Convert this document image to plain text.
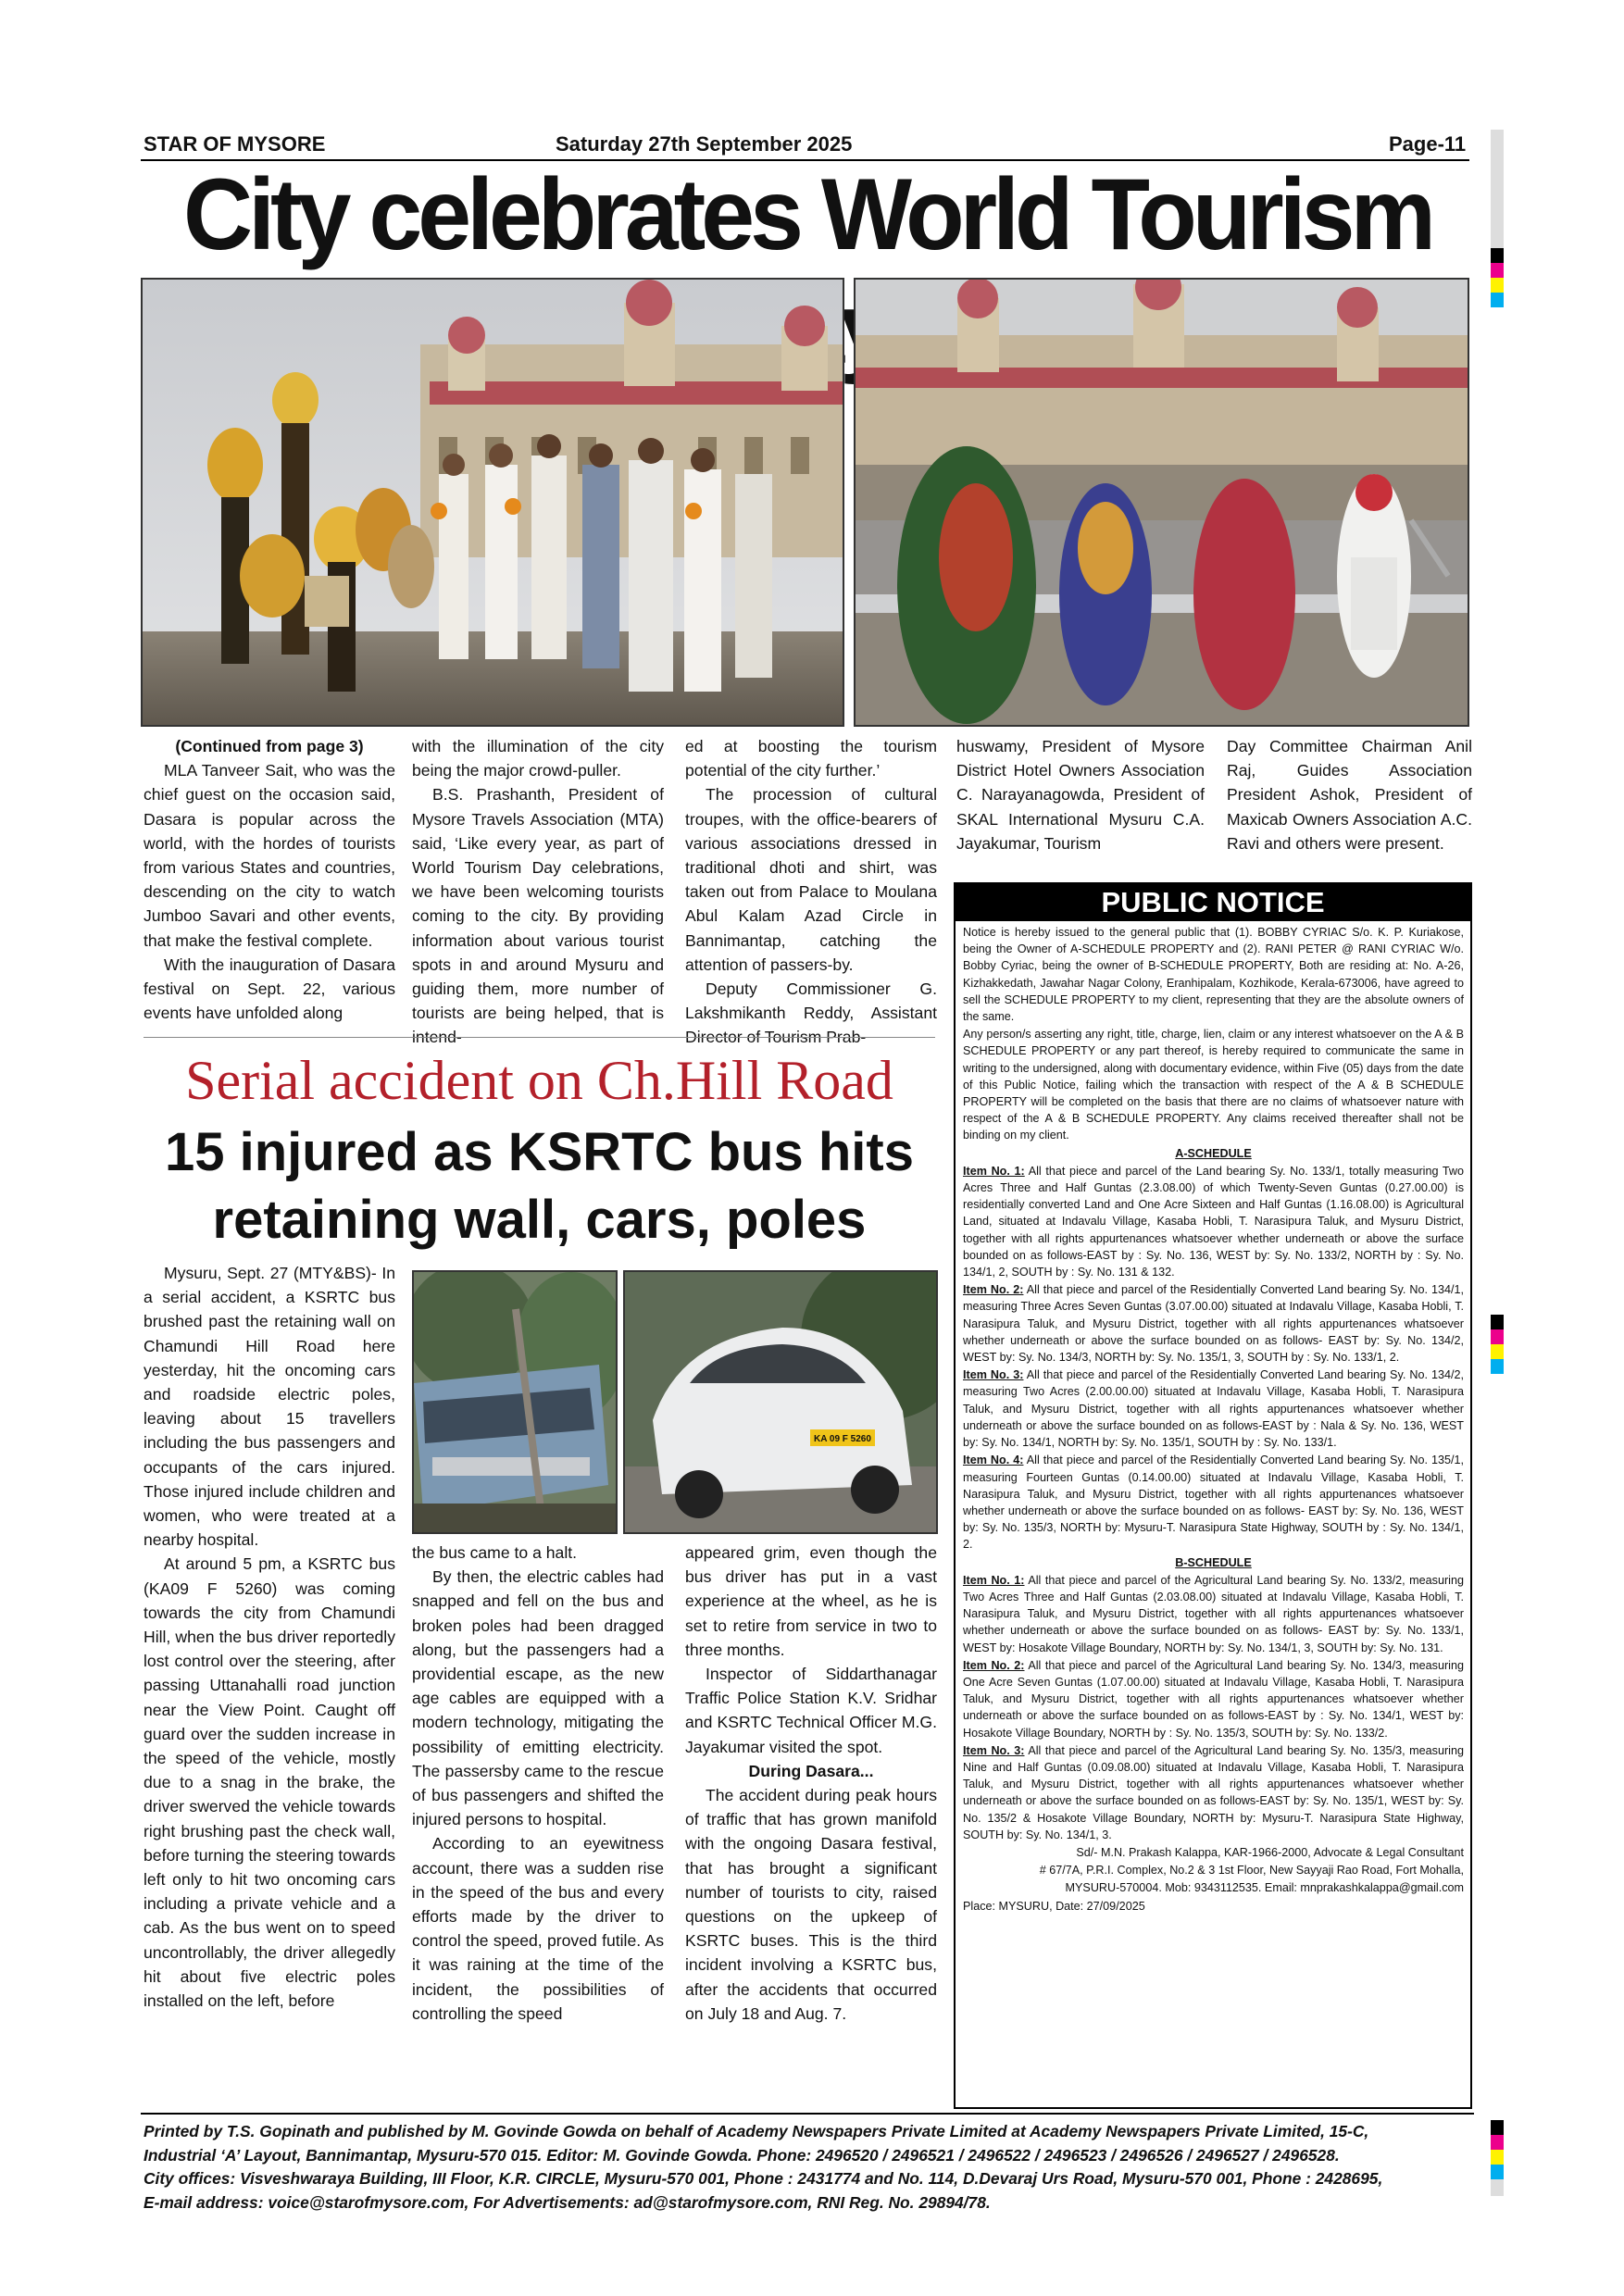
STAR OF MYSORE	Saturday 27th September 2025	Page-11
City celebrates World Tourism

(Continued from page 3)

MLA Tanveer Sait, who was the chief guest on the occasion said, Dasara is popular across the world, with the hordes of tourists from various States and countries, descending on the city to watch Jumboo Savari and other events, that make the festival complete.

With the inauguration of Dasara festival on Sept. 22, various events have unfolded along

with the illumination of the city being the major crowd-puller.

B.S. Prashanth, President of Mysore Travels Association (MTA) said, ‘Like every year, as part of World Tourism Day celebrations, we have been welcoming tourists coming to the city. By providing information about various tourist spots in and around Mysuru and guiding them, more number of tourists are being helped, that is intend-

ed at boosting the tourism potential of the city further.’

The procession of cultural troupes, with the office-bearers of various associations dressed in traditional dhoti and shirt, was taken out from Palace to Moulana Abul Kalam Azad Circle in Bannimantap, catching the attention of passers-by.

Deputy Commissioner G. Lakshmikanth Reddy, Assistant Director of Tourism Prab-

huswamy, President of Mysore District Hotel Owners Association C. Narayanagowda, President of SKAL International Mysuru C.A. Jayakumar, Tourism

Day Committee Chairman Anil Raj, Guides Association President Ashok, President of Maxicab Owners Association A.C. Ravi and others were present.

Serial accident on Ch.Hill Road
15 injured as KSRTC bus hits
retaining wall, cars, poles

Mysuru, Sept. 27 (MTY&BS)- In a serial accident, a KSRTC bus brushed past the retaining wall on Chamundi Hill Road here yesterday, hit the oncoming cars and roadside electric poles, leaving about 15 travellers including the bus passengers and occupants of the cars injured. Those injured include children and women, who were treated at a nearby hospital.

At around 5 pm, a KSRTC bus (KA09 F 5260) was coming towards the city from Chamundi Hill, when the bus driver reportedly lost control over the steering, after passing Uttanahalli road junction near the View Point. Caught off guard over the sudden increase in the speed of the vehicle, mostly due to a snag in the brake, the driver swerved the vehicle towards right brushing past the check wall, before turning the steering towards left only to hit two oncoming cars including a private vehicle and a cab. As the bus went on to speed uncontrollably, the driver allegedly hit about five electric poles installed on the left, before

KA 09 F 5260

the bus came to a halt.

By then, the electric cables had snapped and fell on the bus and broken poles had been dragged along, but the passengers had a providential escape, as the new age cables are equipped with a modern technology, mitigating the possibility of emitting electricity. The passersby came to the rescue of bus passengers and shifted the injured persons to hospital.

According to an eyewitness account, there was a sudden rise in the speed of the bus and every efforts made by the driver to control the speed, proved futile. As it was raining at the time of the incident, the possibilities of controlling the speed

appeared grim, even though the bus driver has put in a vast experience at the wheel, as he is set to retire from service in two to three months.

Inspector of Siddarthanagar Traffic Police Station K.V. Sridhar and KSRTC Technical Officer M.G. Jayakumar visited the spot.

During Dasara...

The accident during peak hours of traffic that has grown manifold with the ongoing Dasara festival, that has brought a significant number of tourists to city, raised questions on the upkeep of KSRTC buses. This is the third incident involving a KSRTC bus, after the accidents that occurred on July 18 and Aug. 7.

PUBLIC NOTICE

Notice is hereby issued to the general public that (1). BOBBY CYRIAC S/o. K. P. Kuriakose, being the Owner of A-SCHEDULE PROPERTY and (2). RANI PETER @ RANI CYRIAC W/o. Bobby Cyriac, being the owner of B-SCHEDULE PROPERTY, Both are residing at: No. A-26, Kizhakkedath, Jawahar Nagar Colony, Eranhipalam, Kozhikode, Kerala-673006, have agreed to sell the SCHEDULE PROPERTY to my client, representing that they are the absolute owners of the same.

Any person/s asserting any right, title, charge, lien, claim or any interest whatsoever on the A & B SCHEDULE PROPERTY or any part thereof, is hereby required to communicate the same in writing to the undersigned, along with documentary evidence, within Five (05) days from the date of this Public Notice, failing which the transaction with respect of the A & B SCHEDULE PROPERTY will be completed on the basis that there are no claims of whatsoever nature with respect of the A & B SCHEDULE PROPERTY. Any claims received thereafter shall not be binding on my client.

A-SCHEDULE

Item No. 1: All that piece and parcel of the Land bearing Sy. No. 133/1, totally measuring Two Acres Three and Half Guntas (2.3.08.00) of which Twenty-Seven Guntas (0.27.00.00) is residentially converted Land and One Acre Sixteen and Half Guntas (1.16.08.00) is Agricultural Land, situated at Indavalu Village, Kasaba Hobli, T. Narasipura Taluk, and Mysuru District, together with all rights appurtenances whatsoever whether underneath or above the surface bounded on as follows-EAST by : Sy. No. 136, WEST by: Sy. No. 133/2, NORTH by : Sy. No. 134/1, 2, SOUTH by : Sy. No. 131 & 132.

Item No. 2: All that piece and parcel of the Residentially Converted Land bearing Sy. No. 134/1, measuring Three Acres Seven Guntas (3.07.00.00) situated at Indavalu Village, Kasaba Hobli, T. Narasipura Taluk, and Mysuru District, together with all rights appurtenances whatsoever whether underneath or above the surface bounded on as follows- EAST by: Sy. No. 134/2, WEST by: Sy. No. 134/3, NORTH by: Sy. No. 135/1, 3, SOUTH by : Sy. No. 133/1, 2.

Item No. 3: All that piece and parcel of the Residentially Converted Land bearing Sy. No. 134/2, measuring Two Acres (2.00.00.00) situated at Indavalu Village, Kasaba Hobli, T. Narasipura Taluk, and Mysuru District, together with all rights appurtenances whatsoever whether underneath or above the surface bounded on as follows-EAST by : Nala & Sy. No. 136, WEST by: Sy. No. 134/1, NORTH by: Sy. No. 135/1, SOUTH by : Sy. No. 133/1.

Item No. 4: All that piece and parcel of the Residentially Converted Land bearing Sy. No. 135/1, measuring Fourteen Guntas (0.14.00.00) situated at Indavalu Village, Kasaba Hobli, T. Narasipura Taluk, and Mysuru District, together with all rights appurtenances whatsoever whether underneath or above the surface bounded on as follows- EAST by: Sy. No. 136, WEST by: Sy. No. 135/3, NORTH by: Mysuru-T. Narasipura State Highway, SOUTH by : Sy. No. 134/1, 2.

B-SCHEDULE

Item No. 1: All that piece and parcel of the Agricultural Land bearing Sy. No. 133/2, measuring Two Acres Three and Half Guntas (2.03.08.00) situated at Indavalu Village, Kasaba Hobli, T. Narasipura Taluk, and Mysuru District, together with all rights appurtenances whatsoever whether underneath or above the surface bounded on as follows- EAST by: Sy. No. 133/1, WEST by: Hosakote Village Boundary, NORTH by: Sy. No. 134/1, 3, SOUTH by: Sy. No. 131.

Item No. 2: All that piece and parcel of the Agricultural Land bearing Sy. No. 134/3, measuring One Acre Seven Guntas (1.07.00.00) situated at Indavalu Village, Kasaba Hobli, T. Narasipura Taluk, and Mysuru District, together with all rights appurtenances whatsoever whether underneath or above the surface bounded on as follows-EAST by : Sy. No. 134/1, WEST by: Hosakote Village Boundary, NORTH by : Sy. No. 135/3, SOUTH by: Sy. No. 133/2.

Item No. 3: All that piece and parcel of the Agricultural Land bearing Sy. No. 135/3, measuring Nine and Half Guntas (0.09.08.00) situated at Indavalu Village, Kasaba Hobli, T. Narasipura Taluk, and Mysuru District, together with all rights appurtenances whatsoever whether underneath or above the surface bounded on as follows-EAST by: Sy. No. 135/1, WEST by: Sy. No. 135/2 & Hosakote Village Boundary, NORTH by: Mysuru-T. Narasipura State Highway, SOUTH by: Sy. No. 134/1, 3.

Sd/- M.N. Prakash Kalappa, KAR-1966-2000, Advocate & Legal Consultant

# 67/7A, P.R.I. Complex, No.2 & 3 1st Floor, New Sayyaji Rao Road, Fort Mohalla,

MYSURU-570004. Mob: 9343112535. Email: mnprakashkalappa@gmail.com

Place: MYSURU, Date: 27/09/2025

Printed by T.S. Gopinath and published by M. Govinde Gowda on behalf of Academy Newspapers Private Limited at Academy Newspapers Private Limited, 15-C,
Industrial ‘A’ Layout, Bannimantap, Mysuru-570 015. Editor: M. Govinde Gowda. Phone: 2496520 / 2496521 / 2496522 / 2496523 / 2496526 / 2496527 / 2496528.
City offices: Visveshwaraya Building, III Floor, K.R. CIRCLE, Mysuru-570 001, Phone : 2431774 and No. 114, D.Devaraj Urs Road, Mysuru-570 001, Phone : 2428695,
E-mail address: voice@starofmysore.com, For Advertisements: ad@starofmysore.com, RNI Reg. No. 29894/78.
